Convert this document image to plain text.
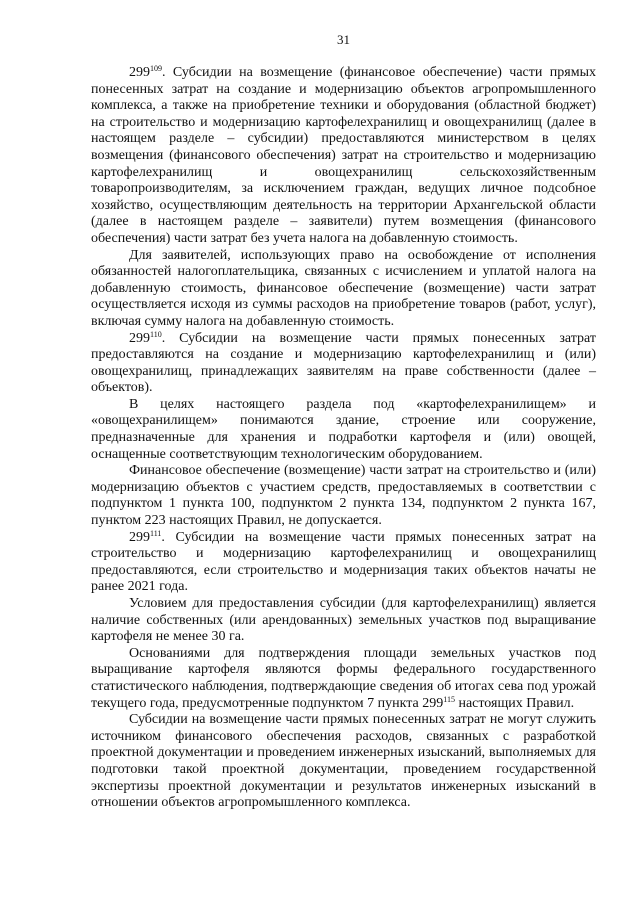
31

$299^{109}$. Субсидии на возмещение (финансовое обеспечение) части прямых понесенных затрат на создание и модернизацию объектов агропромышленного комплекса, а также на приобретение техники и оборудования (областной бюджет) на строительство и модернизацию картофелехранилищ и овощехранилищ (далее в настоящем разделе – субсидии) предоставляются министерством в целях возмещения (финансового обеспечения) затрат на строительство и модернизацию картофелехранилищ и овощехранилищ сельскохозяйственным товаропроизводителям, за исключением граждан, ведущих личное подсобное хозяйство, осуществляющим деятельность на территории Архангельской области (далее в настоящем разделе – заявители) путем возмещения (финансового обеспечения) части затрат без учета налога на добавленную стоимость.

Для заявителей, использующих право на освобождение от исполнения обязанностей налогоплательщика, связанных с исчислением и уплатой налога на добавленную стоимость, финансовое обеспечение (возмещение) части затрат осуществляется исходя из суммы расходов на приобретение товаров (работ, услуг), включая сумму налога на добавленную стоимость.

$299^{110}$. Субсидии на возмещение части прямых понесенных затрат предоставляются на создание и модернизацию картофелехранилищ и (или) овощехранилищ, принадлежащих заявителям на праве собственности (далее – объектов).

В целях настоящего раздела под «картофелехранилищем» и «овощехранилищем» понимаются здание, строение или сооружение, предназначенные для хранения и подработки картофеля и (или) овощей, оснащенные соответствующим технологическим оборудованием.

Финансовое обеспечение (возмещение) части затрат на строительство и (или) модернизацию объектов с участием средств, предоставляемых в соответствии с подпунктом 1 пункта 100, подпунктом 2 пункта 134, подпунктом 2 пункта 167, пунктом 223 настоящих Правил, не допускается.

$299^{111}$. Субсидии на возмещение части прямых понесенных затрат на строительство и модернизацию картофелехранилищ и овощехранилищ предоставляются, если строительство и модернизация таких объектов начаты не ранее 2021 года.

Условием для предоставления субсидии (для картофелехранилищ) является наличие собственных (или арендованных) земельных участков под выращивание картофеля не менее 30 га.

Основаниями для подтверждения площади земельных участков под выращивание картофеля являются формы федерального государственного статистического наблюдения, подтверждающие сведения об итогах сева под урожай текущего года, предусмотренные подпунктом 7 пункта $299^{115}$ настоящих Правил.

Субсидии на возмещение части прямых понесенных затрат не могут служить источником финансового обеспечения расходов, связанных с разработкой проектной документации и проведением инженерных изысканий, выполняемых для подготовки такой проектной документации, проведением государственной экспертизы проектной документации и результатов инженерных изысканий в отношении объектов агропромышленного комплекса.
